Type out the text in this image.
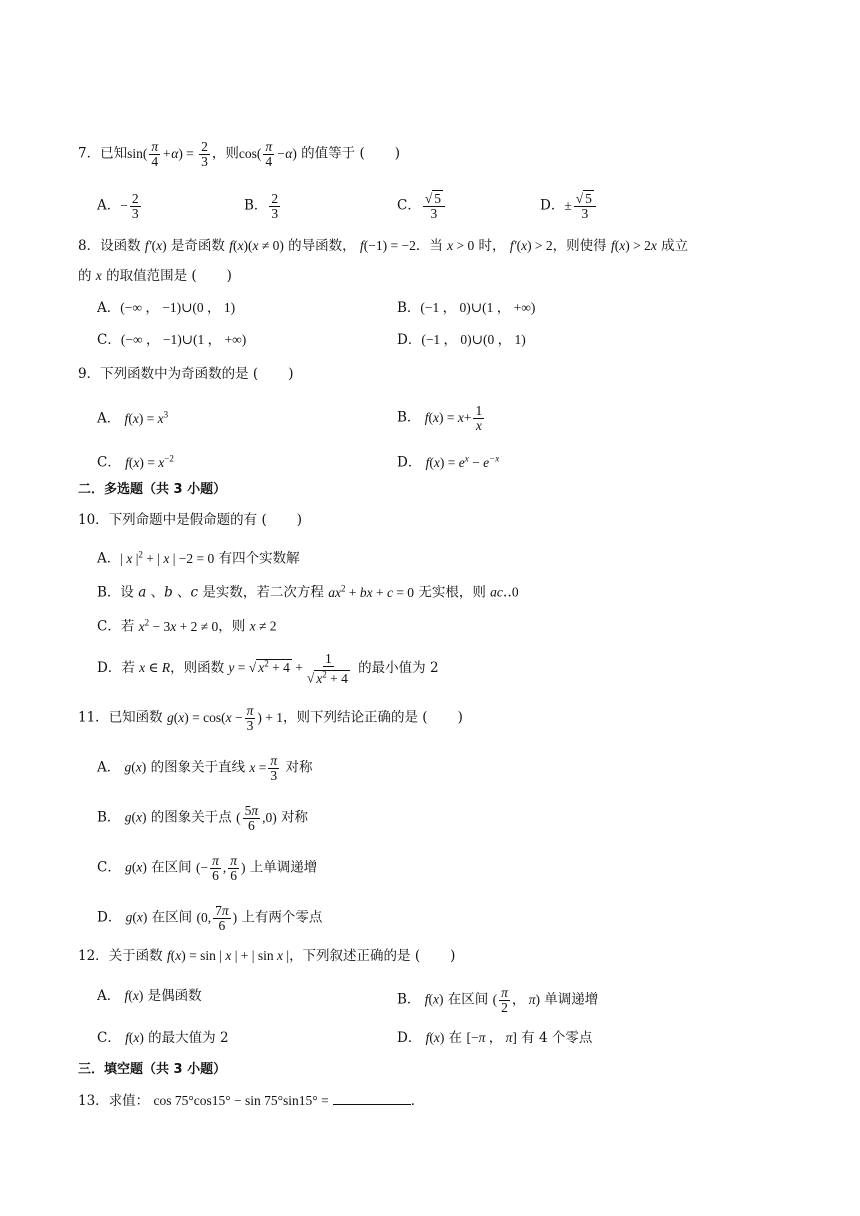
7．已知$\sin( \frac{\pi}{4} +\alpha) = \frac{2}{3}$ ，则$\cos( \frac{\pi}{4} -\alpha)$ 的值等于 (       )
A．− $\frac{2}{3}$	B． $\frac{2}{3}$	C． $\frac{√ 5}{3}$	D．± $\frac{√ 5}{3}$
8．设函数 f′(x) 是奇函数 f(x)(x ≠ 0) 的导函数， f(−1) = −2．当 x > 0 时， f′(x) > 2，则使得 f(x) > 2x 成立
的 x 的取值范围是 (       )
A．(−∞ ， −1)∪(0 ， 1)	B．(−1 ， 0)∪(1 ， +∞)
C．(−∞ ， −1)∪(1 ， +∞)	D．(−1 ， 0)∪(0 ， 1)
9．下列函数中为奇函数的是 (       )
A． $f(x) = x^3$	B． $f(x) = x+ \frac{1}{x}$
C． $f(x) = x^{-2}$	D． $f(x) = e^x - e^{-x}$
二．多选题（共 3 小题）
10．下列命题中是假命题的有 (       )
A．| x $|^2$ + | x | −2 = 0 有四个实数解
B．设 a 、b 、c 是实数，若二次方程 $ax^2$ + bx + c = 0 无实根，则 ac‥0
C．若 $x^2 - 3x + 2 \ne 0$，则 x ≠ 2
D．若 x ∈ R，则函数 y = √ $x^2 + 4 + \frac{1}{√ x^2 + 4}$ 的最小值为 2
11．已知函数 $g(x) = \cos(x - \frac{\pi}{3}$ ) + 1，则下列结论正确的是 (       )
A． g(x) 的图象关于直线 $x = \frac{\pi}{3}$ 对称
B． g(x) 的图象关于点 ( $\frac{5\pi}{6} ,0$) 对称
C． g(x) 在区间 (− $\frac{\pi}{6}$ , $\frac{\pi}{6}$ ) 上单调递增
D． g(x) 在区间 (0, $\frac{7\pi}{6}$ ) 上有两个零点
12．关于函数 f(x) = sin | x | + | sin x |，下列叙述正确的是 (       )
A． f(x) 是偶函数	B． f(x) 在区间 ( $\frac{\pi}{2}$ ， π) 单调递增
C． f(x) 的最大值为 2	D． f(x) 在 [−π ， π] 有 4 个零点
三．填空题（共 3 小题）
13．求值： cos 75°cos15° − sin 75°sin15° =	．
